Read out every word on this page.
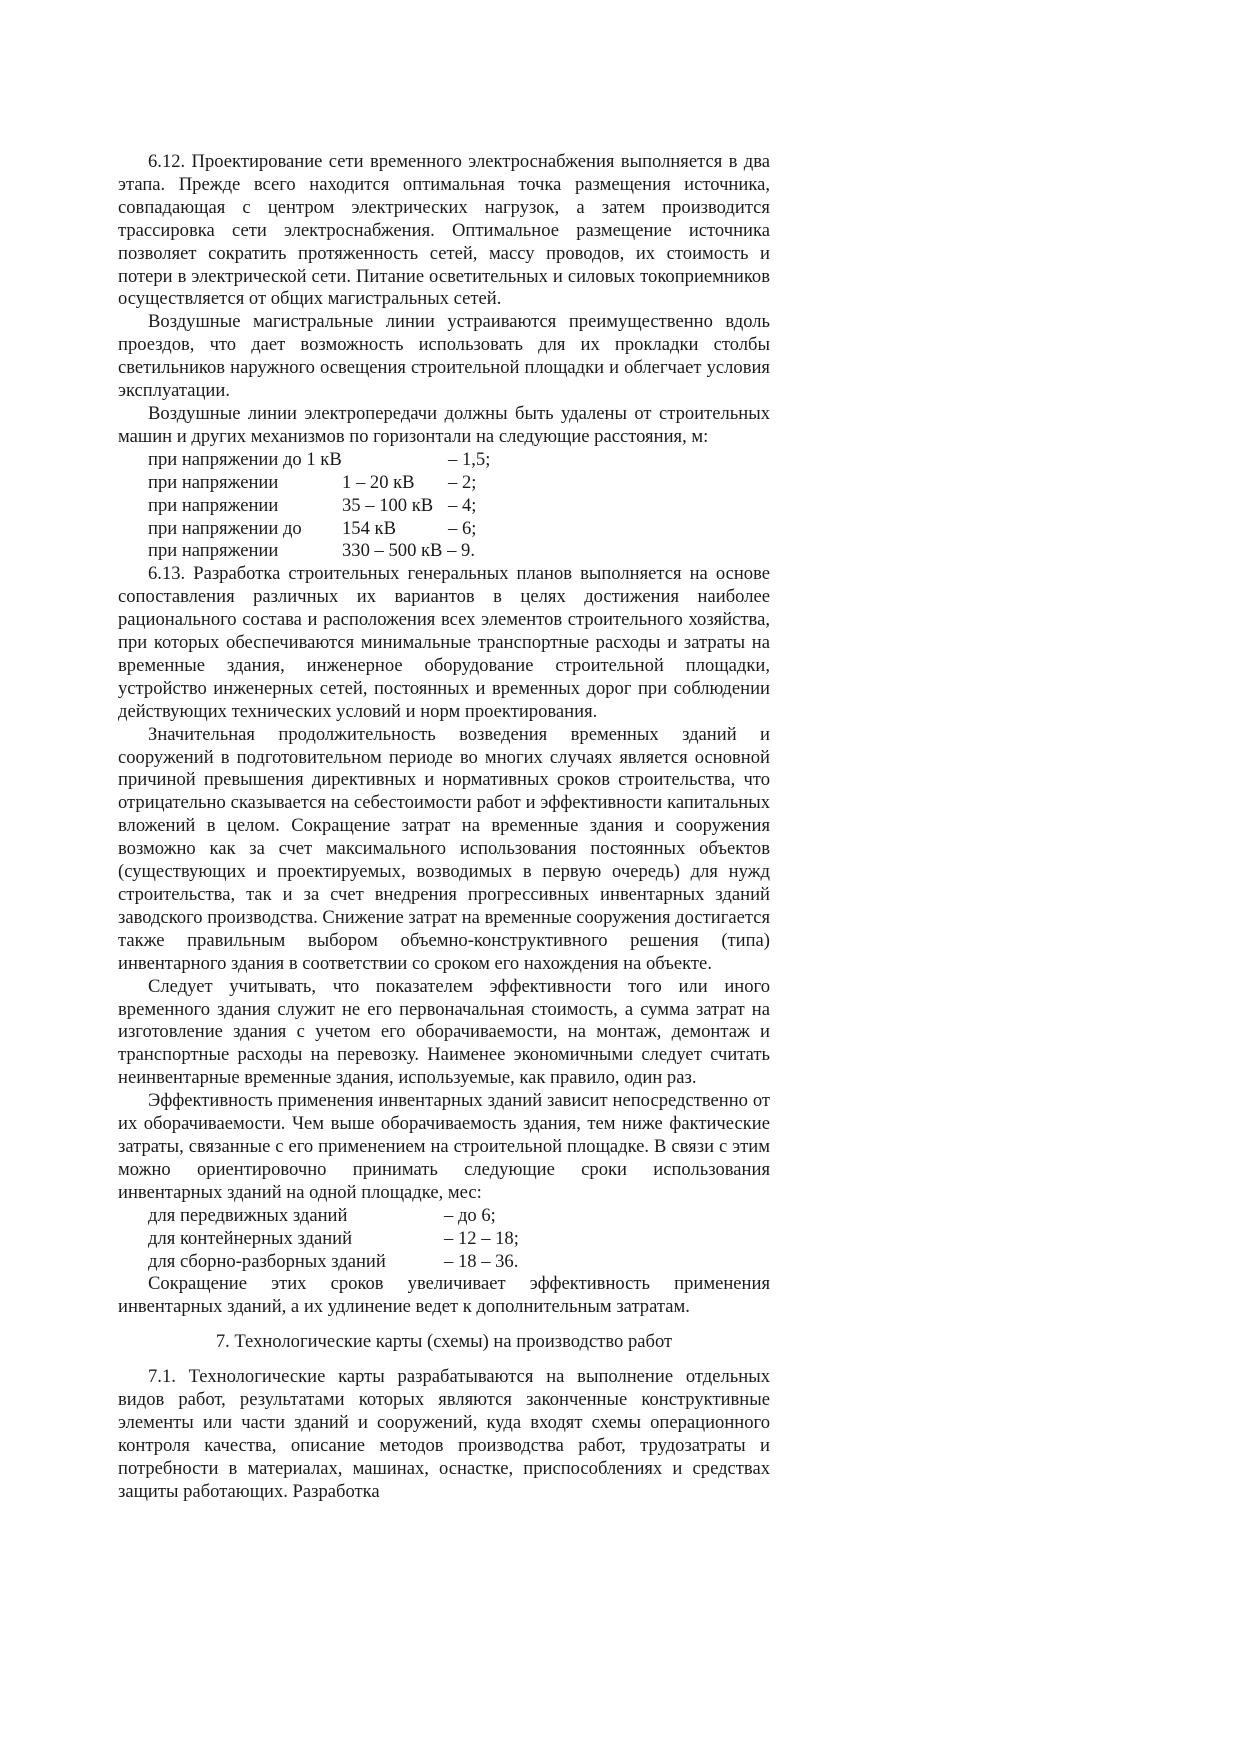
6.12. Проектирование сети временного электроснабжения выполняется в два этапа. Прежде всего находится оптимальная точка размещения источника, совпадающая с центром электрических нагрузок, а затем производится трассировка сети электроснабжения. Оптимальное размещение источника позволяет сократить протяженность сетей, массу проводов, их стоимость и потери в электрической сети. Питание осветительных и силовых токоприемников осуществляется от общих магистральных сетей.

Воздушные магистральные линии устраиваются преимущественно вдоль проездов, что дает возможность использовать для их прокладки столбы светильников наружного освещения строительной площадки и облегчает условия эксплуатации.

Воздушные линии электропередачи должны быть удалены от строительных машин и других механизмов по горизонтали на следующие расстояния, м:

при напряжении до 1 кВ	– 1,5;
при напряжении	1 – 20 кВ	– 2;
при напряжении	35 – 100 кВ – 4;
при напряжении до	154 кВ	– 6;
при напряжении	330 – 500 кВ – 9.

6.13. Разработка строительных генеральных планов выполняется на основе сопоставления различных их вариантов в целях достижения наиболее рационального состава и расположения всех элементов строительного хозяйства, при которых обеспечиваются минимальные транспортные расходы и затраты на временные здания, инженерное оборудование строительной площадки, устройство инженерных сетей, постоянных и временных дорог при соблюдении действующих технических условий и норм проектирования.

Значительная продолжительность возведения временных зданий и сооружений в подготовительном периоде во многих случаях является основной причиной превышения директивных и нормативных сроков строительства, что отрицательно сказывается на себестоимости работ и эффективности капитальных вложений в целом. Сокращение затрат на временные здания и сооружения возможно как за счет максимального использования постоянных объектов (существующих и проектируемых, возводимых в первую очередь) для нужд строительства, так и за счет внедрения прогрессивных инвентарных зданий заводского производства. Снижение затрат на временные сооружения достигается также правильным выбором объемно-конструктивного решения (типа) инвентарного здания в соответствии со сроком его нахождения на объекте.

Следует учитывать, что показателем эффективности того или иного временного здания служит не его первоначальная стоимость, а сумма затрат на изготовление здания с учетом его оборачиваемости, на монтаж, демонтаж и транспортные расходы на перевозку. Наименее экономичными следует считать неинвентарные временные здания, используемые, как правило, один раз.

Эффективность применения инвентарных зданий зависит непосредственно от их оборачиваемости. Чем выше оборачиваемость здания, тем ниже фактические затраты, связанные с его применением на строительной площадке. В связи с этим можно ориентировочно принимать следующие сроки использования инвентарных зданий на одной площадке, мес:

для передвижных зданий	– до 6;
для контейнерных зданий	– 12 – 18;
для сборно-разборных зданий	– 18 – 36.

Сокращение этих сроков увеличивает эффективность применения инвентарных зданий, а их удлинение ведет к дополнительным затратам.

7. Технологические карты (схемы) на производство работ

7.1. Технологические карты разрабатываются на выполнение отдельных видов работ, результатами которых являются законченные конструктивные элементы или части зданий и сооружений, куда входят схемы операционного контроля качества, описание методов производства работ, трудозатраты и потребности в материалах, машинах, оснастке, приспособлениях и средствах защиты работающих. Разработка
